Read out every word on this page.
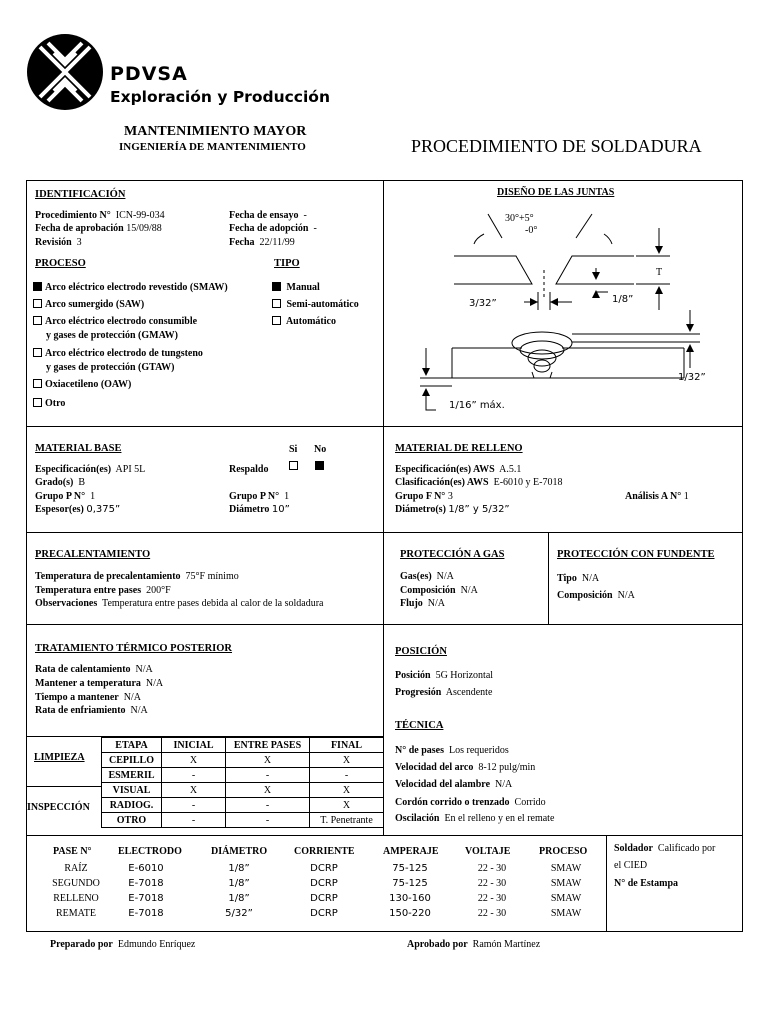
PDVSA
Exploración y Producción
MANTENIMIENTO MAYOR
INGENIERÍA DE MANTENIMIENTO	PROCEDIMIENTO DE SOLDADURA
IDENTIFICACIÓN
Procedimiento N° ICN-99-034
Fecha de aprobación 15/09/88
Revisión 3
Fecha de ensayo -
Fecha de adopción -
Fecha 22/11/99
PROCESO
Arco eléctrico electrodo revestido (SMAW)
Arco sumergido (SAW)
Arco eléctrico electrodo consumible
y gases de protección (GMAW)
Arco eléctrico electrodo de tungsteno
y gases de protección (GTAW)
Oxiacetileno (OAW)
Otro
TIPO
Manual
Semi-automático
Automático
DISEÑO DE LAS JUNTAS
30°+5°
-0°
T
3/32”	1/8”
1/32”
1/16” máx.
MATERIAL BASE	Si No
Especificación(es) API 5L	Respaldo
Grado(s) B
Grupo P N° 1	Grupo P N° 1
Espesor(es) 0,375”	Diámetro 10”
MATERIAL DE RELLENO
Especificación(es) AWS A.5.1
Clasificación(es) AWS E-6010 y E-7018
Grupo F N° 3	Análisis A N° 1
Diámetro(s) 1/8” y 5/32”
PRECALENTAMIENTO
Temperatura de precalentamiento 75°F mínimo
Temperatura entre pases 200°F
Observaciones Temperatura entre pases debida al calor de la soldadura
PROTECCIÓN A GAS
Gas(es) N/A
Composición N/A
Flujo N/A
PROTECCIÓN CON FUNDENTE
Tipo N/A
Composición N/A
TRATAMIENTO TÉRMICO POSTERIOR
Rata de calentamiento N/A
Mantener a temperatura N/A
Tiempo a mantener N/A
Rata de enfriamiento N/A
LIMPIEZA
INSPECCIÓN
ETAPA	INICIAL	ENTRE PASES	FINAL
CEPILLO	X	X	X
ESMERIL	-	-	-
VISUAL	X	X	X
RADIOG.	-	-	X
OTRO	-	-	T. Penetrante
POSICIÓN
Posición 5G Horizontal
Progresión Ascendente
TÉCNICA
N° de pases Los requeridos
Velocidad del arco 8-12 pulg/min
Velocidad del alambre N/A
Cordón corrido o trenzado Corrido
Oscilación En el relleno y en el remate
PASE N°	ELECTRODO	DIÁMETRO	CORRIENTE	AMPERAJE	VOLTAJE	PROCESO
RAÍZ	E-6010	1/8”	DCRP	75-125	22 - 30	SMAW
SEGUNDO	E-7018	1/8”	DCRP	75-125	22 - 30	SMAW
RELLENO	E-7018	1/8”	DCRP	130-160	22 - 30	SMAW
REMATE	E-7018	5/32”	DCRP	150-220	22 - 30	SMAW
Soldador Calificado por
el CIED
N° de Estampa
Preparado por Edmundo Enríquez	Aprobado por Ramón Martínez
